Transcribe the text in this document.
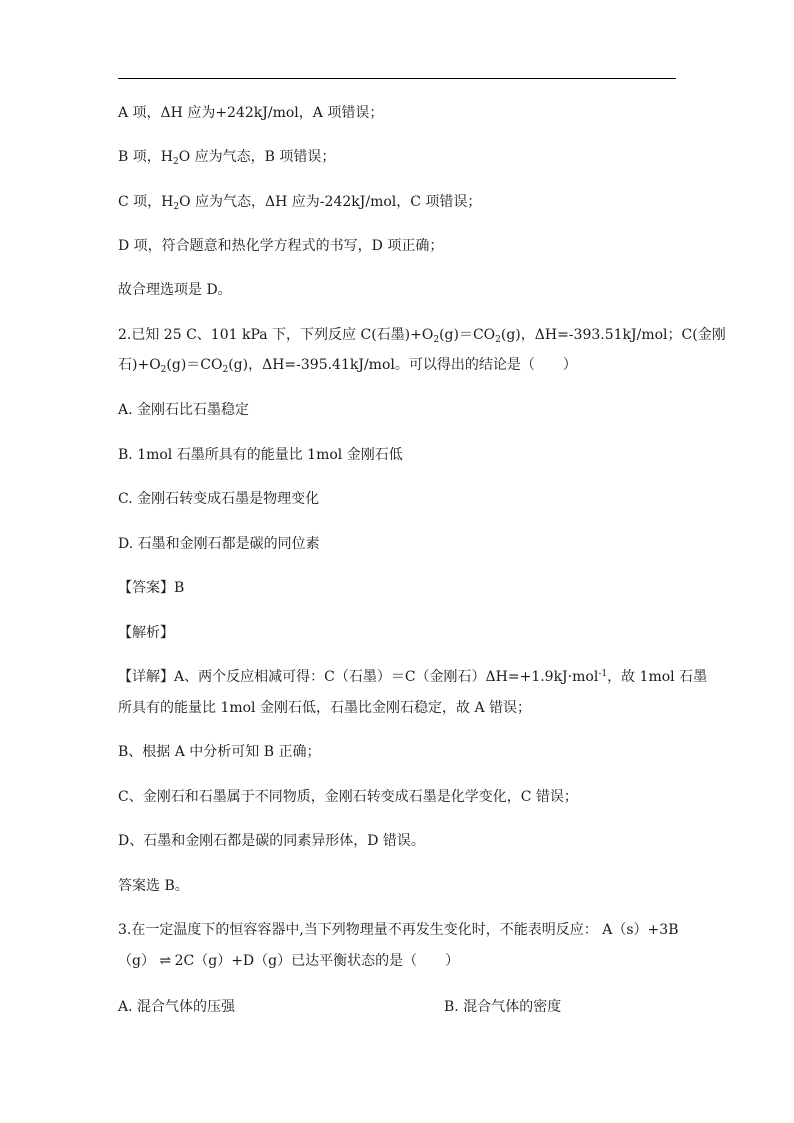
A 项，ΔH 应为+242kJ/mol，A 项错误；
B 项，$H_2O$ 应为气态，B 项错误；
C 项，$H_2O$ 应为气态，ΔH 应为-242kJ/mol，C 项错误；
D 项，符合题意和热化学方程式的书写，D 项正确；
故合理选项是 D。
2.已知 25 C、101 kPa 下，下列反应 C(石墨)$+O_2(g)=CO_2(g)$，ΔH=-393.51kJ/mol；C(金刚
石)$+O_2(g)=CO_2(g)$，ΔH=-395.41kJ/mol。可以得出的结论是（　　）
A. 金刚石比石墨稳定
B. 1mol 石墨所具有的能量比 1mol 金刚石低
C. 金刚石转变成石墨是物理变化
D. 石墨和金刚石都是碳的同位素
【答案】B
【解析】
【详解】A、两个反应相减可得：C（石墨）＝C（金刚石）ΔH=+1.9kJ·mol$^{-1}$，故 1mol 石墨
所具有的能量比 1mol 金刚石低，石墨比金刚石稳定，故 A 错误；
B、根据 A 中分析可知 B 正确；
C、金刚石和石墨属于不同物质，金刚石转变成石墨是化学变化，C 错误；
D、石墨和金刚石都是碳的同素异形体，D 错误。
答案选 B。
3.在一定温度下的恒容容器中,当下列物理量不再发生变化时，不能表明反应： A（s）+3B
（g） ⇌ 2C（g）+D（g）已达平衡状态的是（　　）
A. 混合气体的压强	B. 混合气体的密度
